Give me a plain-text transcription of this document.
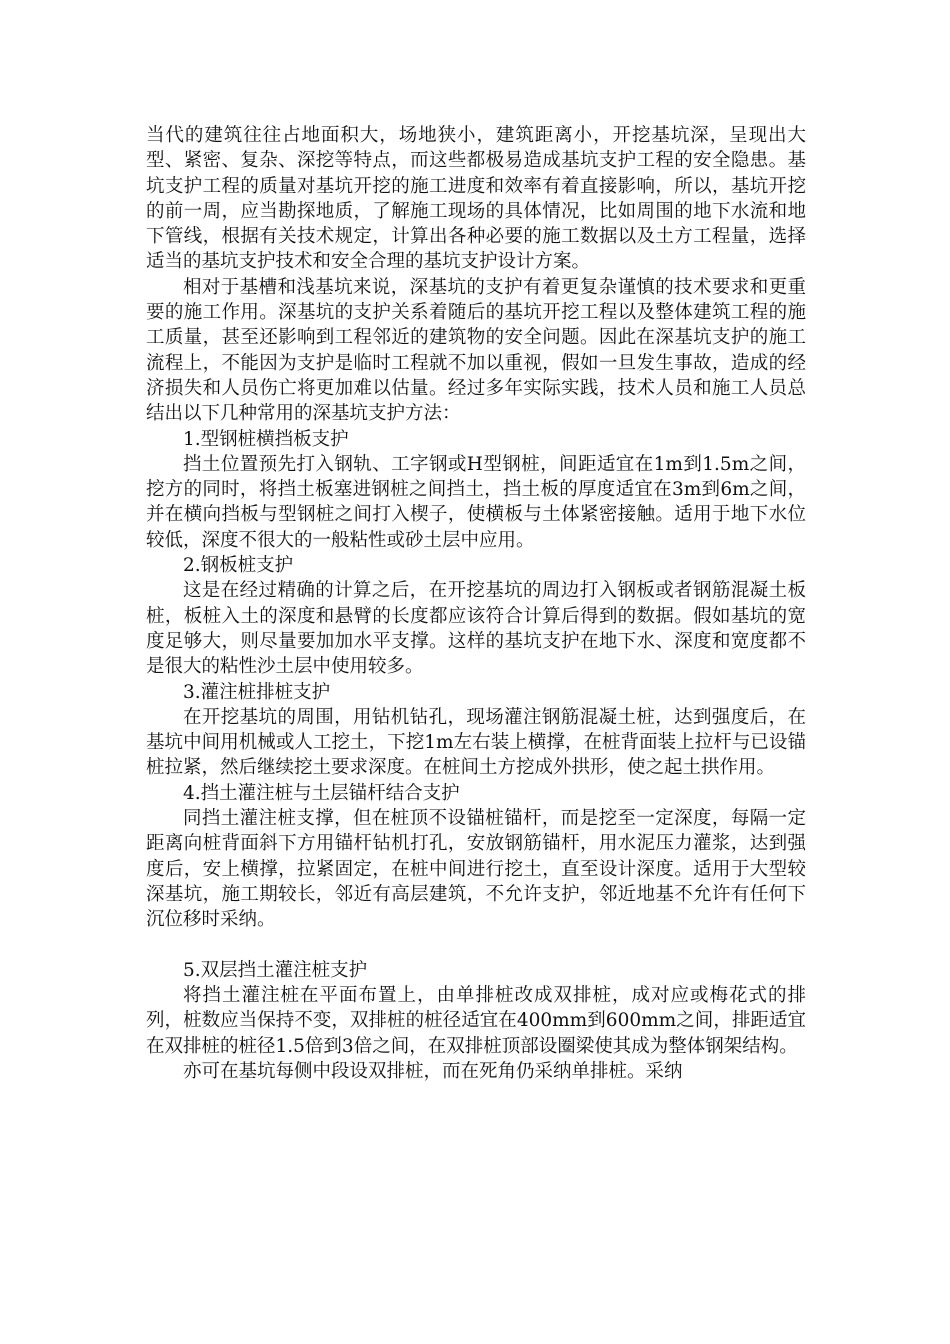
当代的建筑往往占地面积大，场地狭小，建筑距离小，开挖基坑深，呈现出大型、紧密、复杂、深挖等特点，而这些都极易造成基坑支护工程的安全隐患。基坑支护工程的质量对基坑开挖的施工进度和效率有着直接影响，所以，基坑开挖的前一周，应当勘探地质，了解施工现场的具体情况，比如周围的地下水流和地下管线，根据有关技术规定，计算出各种必要的施工数据以及土方工程量，选择适当的基坑支护技术和安全合理的基坑支护设计方案。

相对于基槽和浅基坑来说，深基坑的支护有着更复杂谨慎的技术要求和更重要的施工作用。深基坑的支护关系着随后的基坑开挖工程以及整体建筑工程的施工质量，甚至还影响到工程邻近的建筑物的安全问题。因此在深基坑支护的施工流程上，不能因为支护是临时工程就不加以重视，假如一旦发生事故，造成的经济损失和人员伤亡将更加难以估量。经过多年实际实践，技术人员和施工人员总结出以下几种常用的深基坑支护方法：

1.型钢桩横挡板支护

挡土位置预先打入钢轨、工字钢或H型钢桩，间距适宜在1m到1.5m之间，挖方的同时，将挡土板塞进钢桩之间挡土，挡土板的厚度适宜在3m到6m之间，并在横向挡板与型钢桩之间打入楔子，使横板与土体紧密接触。适用于地下水位较低，深度不很大的一般粘性或砂土层中应用。

2.钢板桩支护

这是在经过精确的计算之后，在开挖基坑的周边打入钢板或者钢筋混凝土板桩，板桩入土的深度和悬臂的长度都应该符合计算后得到的数据。假如基坑的宽度足够大，则尽量要加加水平支撑。这样的基坑支护在地下水、深度和宽度都不是很大的粘性沙土层中使用较多。

3.灌注桩排桩支护

在开挖基坑的周围，用钻机钻孔，现场灌注钢筋混凝土桩，达到强度后，在基坑中间用机械或人工挖土，下挖1m左右装上横撑，在桩背面装上拉杆与已设锚桩拉紧，然后继续挖土要求深度。在桩间土方挖成外拱形，使之起土拱作用。

4.挡土灌注桩与土层锚杆结合支护

同挡土灌注桩支撑，但在桩顶不设锚桩锚杆，而是挖至一定深度，每隔一定距离向桩背面斜下方用锚杆钻机打孔，安放钢筋锚杆，用水泥压力灌浆，达到强度后，安上横撑，拉紧固定，在桩中间进行挖土，直至设计深度。适用于大型较深基坑，施工期较长，邻近有高层建筑，不允许支护，邻近地基不允许有任何下沉位移时采纳。

5.双层挡土灌注桩支护

将挡土灌注桩在平面布置上，由单排桩改成双排桩，成对应或梅花式的排列，桩数应当保持不变，双排桩的桩径适宜在400mm到600mm之间，排距适宜在双排桩的桩径1.5倍到3倍之间，在双排桩顶部设圈梁使其成为整体钢架结构。

亦可在基坑每侧中段设双排桩，而在死角仍采纳单排桩。采纳
